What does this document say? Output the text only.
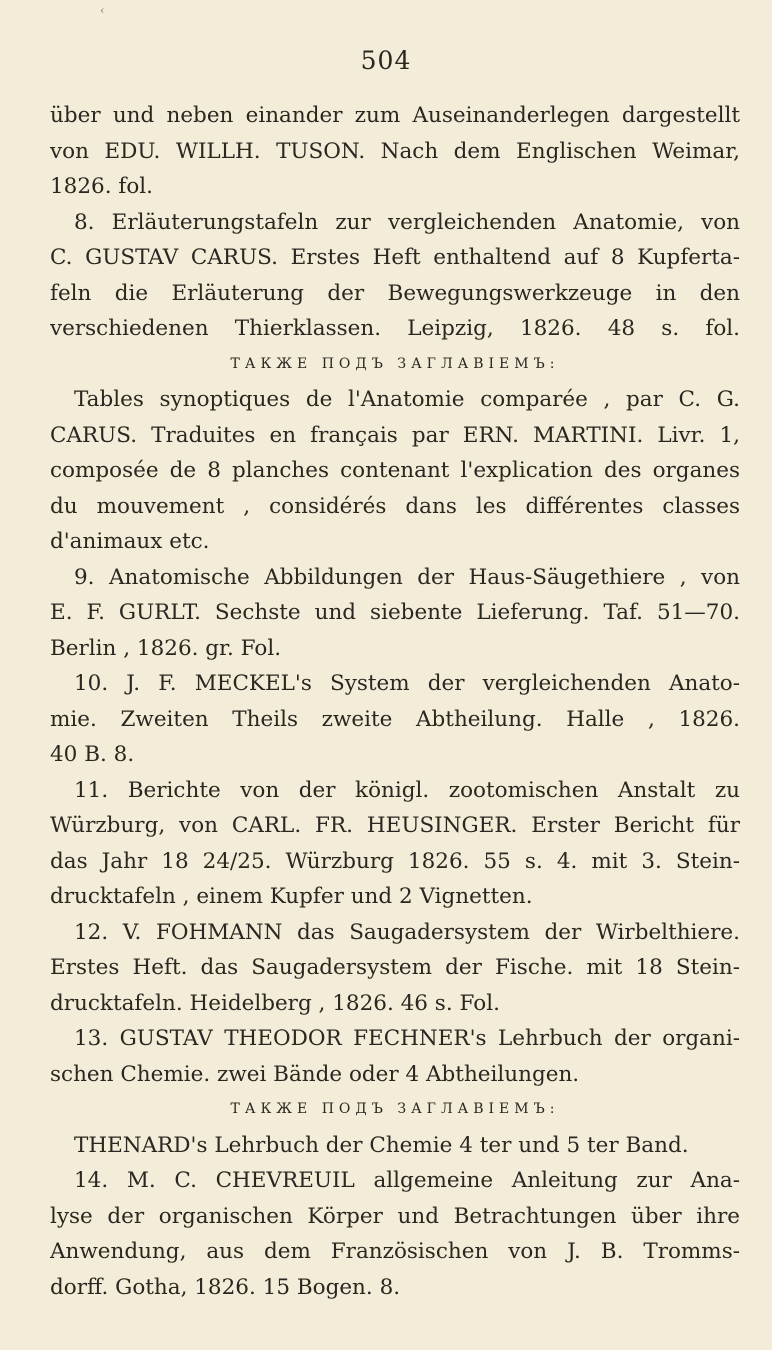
‹
504
über und neben einander zum Auseinanderlegen dargestellt
von EDU. WILLH. TUSON. Nach dem Englischen Weimar,
1826. fol.
8. Erläuterungstafeln zur vergleichenden Anatomie, von
C. GUSTAV CARUS. Erstes Heft enthaltend auf 8 Kupferta-
feln die Erläuterung der Bewegungswerkzeuge in den
verschiedenen Thierklassen. Leipzig, 1826. 48 s. fol.
ТАКЖЕ ПОДЪ ЗАГЛАВІЕМЪ:
Tables synoptiques de l'Anatomie comparée , par C. G.
CARUS. Traduites en français par ERN. MARTINI. Livr. 1,
composée de 8 planches contenant l'explication des organes
du mouvement , considérés dans les différentes classes
d'animaux etc.
9. Anatomische Abbildungen der Haus-Säugethiere , von
E. F. GURLT. Sechste und siebente Lieferung. Taf. 51—70.
Berlin , 1826. gr. Fol.
10. J. F. MECKEL's System der vergleichenden Anato-
mie. Zweiten Theils zweite Abtheilung. Halle , 1826.
40 B. 8.
11. Berichte von der königl. zootomischen Anstalt zu
Würzburg, von CARL. FR. HEUSINGER. Erster Bericht für
das Jahr 18 24/25. Würzburg 1826. 55 s. 4. mit 3. Stein-
drucktafeln , einem Kupfer und 2 Vignetten.
12. V. FOHMANN das Saugadersystem der Wirbelthiere.
Erstes Heft. das Saugadersystem der Fische. mit 18 Stein-
drucktafeln. Heidelberg , 1826. 46 s. Fol.
13. GUSTAV THEODOR FECHNER's Lehrbuch der organi-
schen Chemie. zwei Bände oder 4 Abtheilungen.
ТАКЖЕ ПОДЪ ЗАГЛАВІЕМЪ:
THENARD's Lehrbuch der Chemie 4 ter und 5 ter Band.
14. M. C. CHEVREUIL allgemeine Anleitung zur Ana-
lyse der organischen Körper und Betrachtungen über ihre
Anwendung, aus dem Französischen von J. B. Tromms-
dorff. Gotha, 1826. 15 Bogen. 8.
